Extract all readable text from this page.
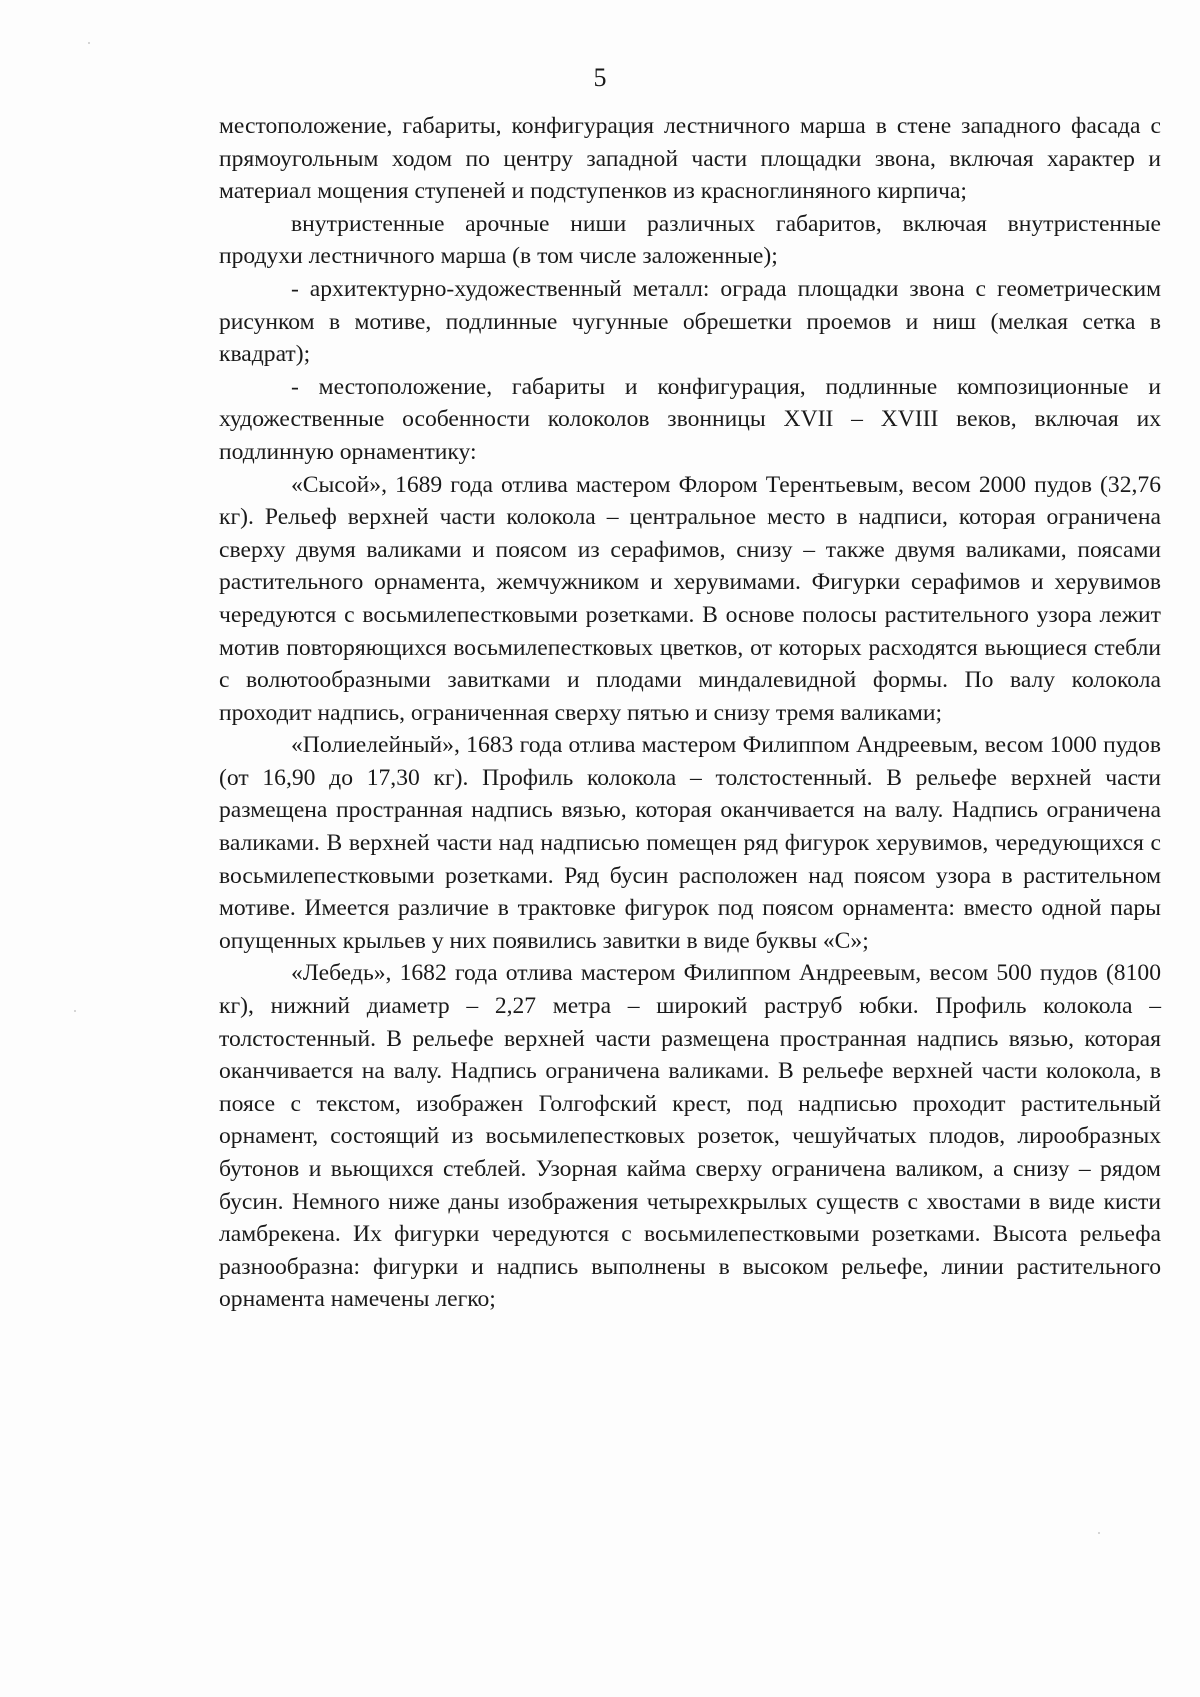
5

местоположение, габариты, конфигурация лестничного марша в стене западного фасада с прямоугольным ходом по центру западной части площадки звона, включая характер и материал мощения ступеней и подступенков из красноглиняного кирпича;

внутристенные арочные ниши различных габаритов, включая внутристенные продухи лестничного марша (в том числе заложенные);

- архитектурно-художественный металл: ограда площадки звона с геометрическим рисунком в мотиве, подлинные чугунные обрешетки проемов и ниш (мелкая сетка в квадрат);

- местоположение, габариты и конфигурация, подлинные композиционные и художественные особенности колоколов звонницы XVII – XVIII веков, включая их подлинную орнаментику:

«Сысой», 1689 года отлива мастером Флором Терентьевым, весом 2000 пудов (32,76 кг). Рельеф верхней части колокола – центральное место в надписи, которая ограничена сверху двумя валиками и поясом из серафимов, снизу – также двумя валиками, поясами растительного орнамента, жемчужником и херувимами. Фигурки серафимов и херувимов чередуются с восьмилепестковыми розетками. В основе полосы растительного узора лежит мотив повторяющихся восьмилепестковых цветков, от которых расходятся вьющиеся стебли с волютообразными завитками и плодами миндалевидной формы. По валу колокола проходит надпись, ограниченная сверху пятью и снизу тремя валиками;

«Полиелейный», 1683 года отлива мастером Филиппом Андреевым, весом 1000 пудов (от 16,90 до 17,30 кг). Профиль колокола – толстостенный. В рельефе верхней части размещена пространная надпись вязью, которая оканчивается на валу. Надпись ограничена валиками. В верхней части над надписью помещен ряд фигурок херувимов, чередующихся с восьмилепестковыми розетками. Ряд бусин расположен над поясом узора в растительном мотиве. Имеется различие в трактовке фигурок под поясом орнамента: вместо одной пары опущенных крыльев у них появились завитки в виде буквы «С»;

«Лебедь», 1682 года отлива мастером Филиппом Андреевым, весом 500 пудов (8100 кг), нижний диаметр – 2,27 метра – широкий раструб юбки. Профиль колокола – толстостенный. В рельефе верхней части размещена пространная надпись вязью, которая оканчивается на валу. Надпись ограничена валиками. В рельефе верхней части колокола, в поясе с текстом, изображен Голгофский крест, под надписью проходит растительный орнамент, состоящий из восьмилепестковых розеток, чешуйчатых плодов, лирообразных бутонов и вьющихся стеблей. Узорная кайма сверху ограничена валиком, а снизу – рядом бусин. Немного ниже даны изображения четырехкрылых существ с хвостами в виде кисти ламбрекена. Их фигурки чередуются с восьмилепестковыми розетками. Высота рельефа разнообразна: фигурки и надпись выполнены в высоком рельефе, линии растительного орнамента намечены легко;
